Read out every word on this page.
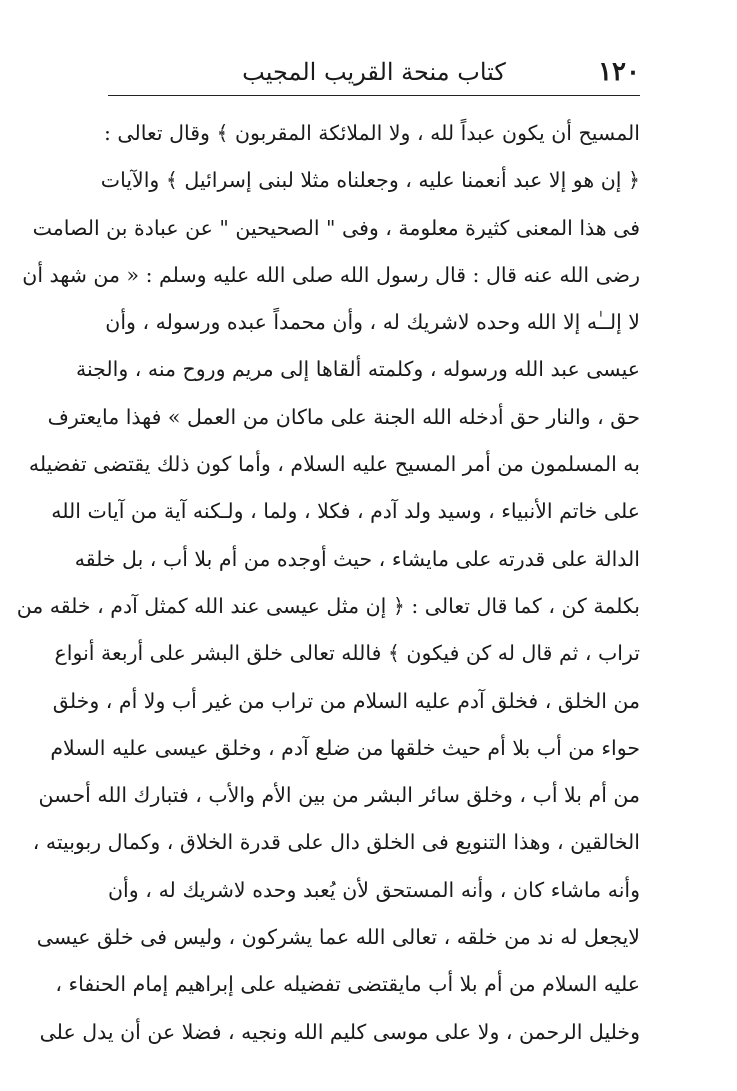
١٢٠
كتاب منحة القريب المجيب
المسيح أن يكون عبداً لله ، ولا الملائكة المقربون ﴾ وقال تعالى :
﴿ إن هو إلا عبد أنعمنا عليه ، وجعلناه مثلا لبنى إسرائيل ﴾ والآيات
فى هذا المعنى كثيرة معلومة ، وفى " الصحيحين " عن عبادة بن الصامت
رضى الله عنه قال : قال رسول الله صلى الله عليه وسلم : « من شهد أن
لا إلــٰه إلا الله وحده لاشريك له ، وأن محمداً عبده ورسوله ، وأن
عيسى عبد الله ورسوله ، وكلمته ألقاها إلى مريم وروح منه ، والجنة
حق ، والنار حق أدخله الله الجنة على ماكان من العمل » فهذا مايعترف
به المسلمون من أمر المسيح عليه السلام ، وأما كون ذلك يقتضى تفضيله
على خاتم الأنبياء ، وسيد ولد آدم ، فكلا ، ولما ، ولـكنه آية من آيات الله
الدالة على قدرته على مايشاء ، حيث أوجده من أم بلا أب ، بل خلقه
بكلمة كن ، كما قال تعالى : ﴿ إن مثل عيسى عند الله كمثل آدم ، خلقه من
تراب ، ثم قال له كن فيكون ﴾ فالله تعالى خلق البشر على أربعة أنواع
من الخلق ، فخلق آدم عليه السلام من تراب من غير أب ولا أم ، وخلق
حواء من أب بلا أم حيث خلقها من ضلع آدم ، وخلق عيسى عليه السلام
من أم بلا أب ، وخلق سائر البشر من بين الأم والأب ، فتبارك الله أحسن
الخالقين ، وهذا التنويع فى الخلق دال على قدرة الخلاق ، وكمال ربوبيته ،
وأنه ماشاء كان ، وأنه المستحق لأن يُعبد وحده لاشريك له ، وأن
لايجعل له ند من خلقه ، تعالى الله عما يشركون ، وليس فى خلق عيسى
عليه السلام من أم بلا أب مايقتضى تفضيله على إبراهيم إمام الحنفاء ،
وخليل الرحمن ، ولا على موسى كليم الله ونجيه ، فضلا عن أن يدل على
